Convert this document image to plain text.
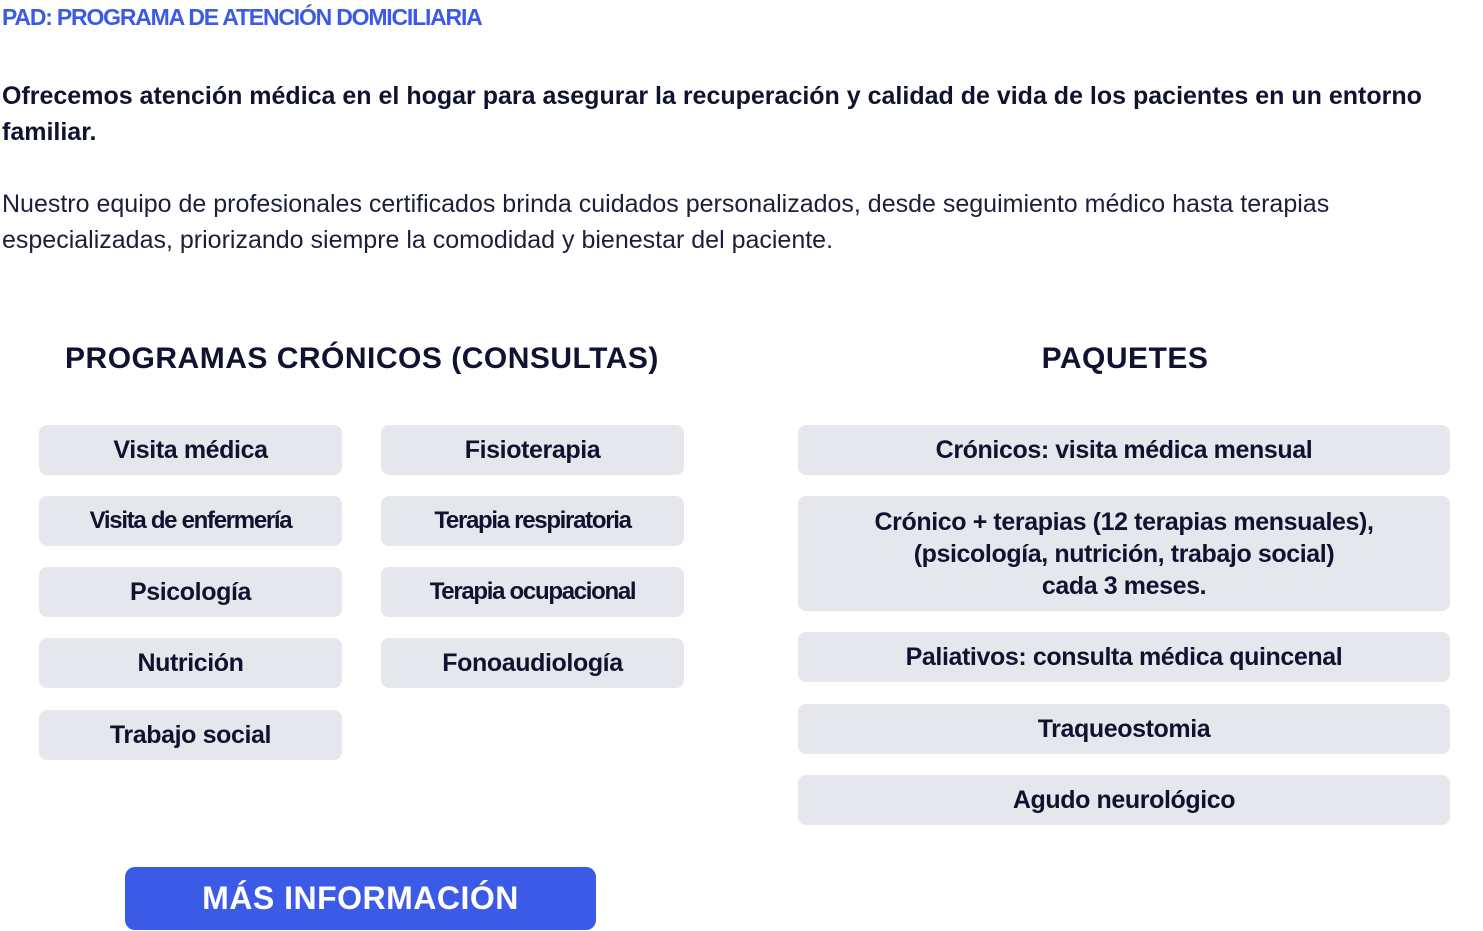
PAD: PROGRAMA DE ATENCIÓN DOMICILIARIA

Ofrecemos atención médica en el hogar para asegurar la recuperación y calidad de vida de los pacientes en un entorno familiar.

Nuestro equipo de profesionales certificados brinda cuidados personalizados, desde seguimiento médico hasta terapias especializadas, priorizando siempre la comodidad y bienestar del paciente.

PROGRAMAS CRÓNICOS (CONSULTAS)	PAQUETES
Visita médica	Fisioterapia
Visita de enfermería	Terapia respiratoria
Psicología	Terapia ocupacional
Nutrición	Fonoaudiología
Trabajo social
Crónicos: visita médica mensual
Crónico + terapias (12 terapias mensuales),
(psicología, nutrición, trabajo social)
cada 3 meses.
Paliativos: consulta médica quincenal
Traqueostomia
Agudo neurológico
MÁS INFORMACIÓN
